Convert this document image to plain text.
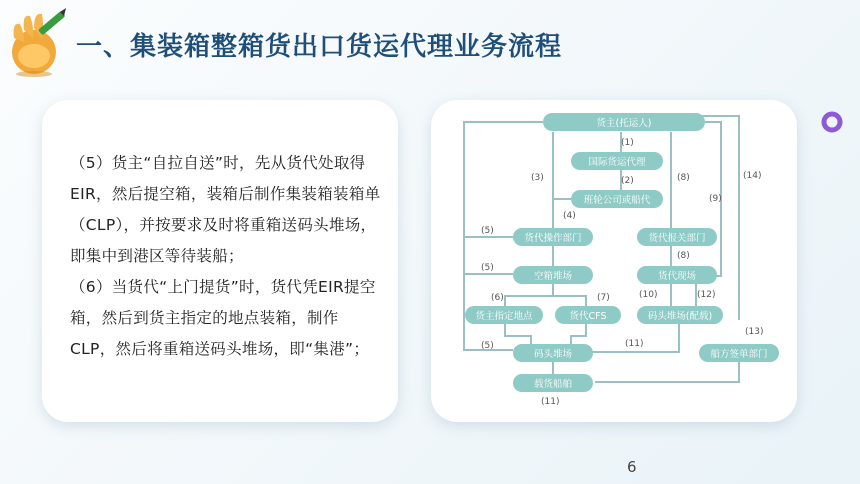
一、集装箱整箱货出口货运代理业务流程

（5）货主“自拉自送”时，先从货代处取得EIR，然后提空箱，装箱后制作集装箱装箱单（CLP），并按要求及时将重箱送码头堆场，即集中到港区等待装船；

（6）当货代“上门提货”时，货代凭EIR提空箱，然后到货主指定的地点装箱，制作CLP，然后将重箱送码头堆场，即“集港”；

货主(托运人)
国际货运代理
班轮公司或船代
货代操作部门	货代报关部门
空箱堆场	货代现场
货主指定地点	货代CFS	码头堆场(配载)
码头堆场	船方签单部门
载货船舶
(1)
(2)
(3)
(4)
(5)
(5)
(5)
(6)	(7)
(8)
(8)
(9)
(10)
(11)
(11)
(12)
(13)
(14)
6
